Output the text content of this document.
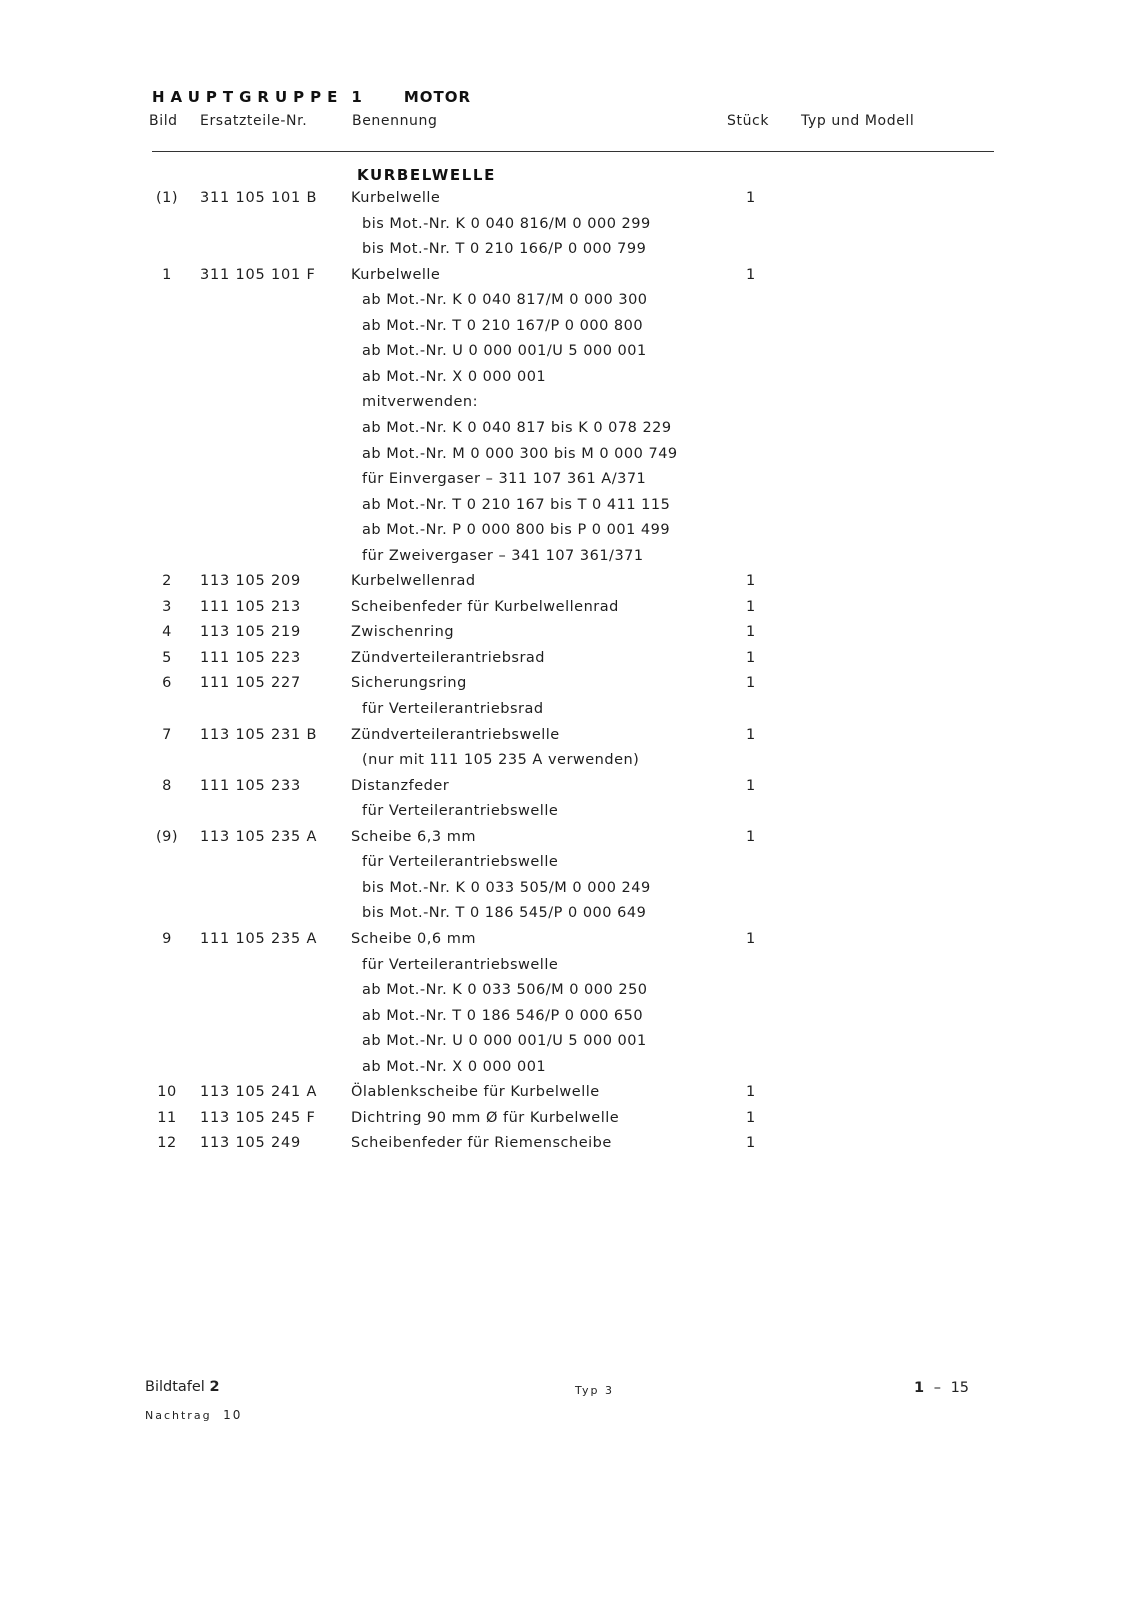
HAUPTGRUPPE 1 MOTOR
Bild Ersatzteile-Nr.	Benennung	Stück Typ und Modell
KURBELWELLE
(1)	311 105 101 B Kurbelwelle	1
bis Mot.-Nr. K 0 040 816/M 0 000 299
bis Mot.-Nr. T 0 210 166/P 0 000 799
1	311 105 101 F Kurbelwelle	1
ab Mot.-Nr. K 0 040 817/M 0 000 300
ab Mot.-Nr. T 0 210 167/P 0 000 800
ab Mot.-Nr. U 0 000 001/U 5 000 001
ab Mot.-Nr. X 0 000 001
mitverwenden:
ab Mot.-Nr. K 0 040 817 bis K 0 078 229
ab Mot.-Nr. M 0 000 300 bis M 0 000 749
für Einvergaser – 311 107 361 A/371
ab Mot.-Nr. T 0 210 167 bis T 0 411 115
ab Mot.-Nr. P 0 000 800 bis P 0 001 499
für Zweivergaser – 341 107 361/371
2	113 105 209	Kurbelwellenrad	1
3	111 105 213	Scheibenfeder für Kurbelwellenrad	1
4	113 105 219	Zwischenring	1
5	111 105 223	Zündverteilerantriebsrad	1
6	111 105 227	Sicherungsring	1
für Verteilerantriebsrad
7	113 105 231 B Zündverteilerantriebswelle	1
(nur mit 111 105 235 A verwenden)
8	111 105 233	Distanzfeder	1
für Verteilerantriebswelle
(9)	113 105 235 A Scheibe 6,3 mm	1
für Verteilerantriebswelle
bis Mot.-Nr. K 0 033 505/M 0 000 249
bis Mot.-Nr. T 0 186 545/P 0 000 649
9	111 105 235 A Scheibe 0,6 mm	1
für Verteilerantriebswelle
ab Mot.-Nr. K 0 033 506/M 0 000 250
ab Mot.-Nr. T 0 186 546/P 0 000 650
ab Mot.-Nr. U 0 000 001/U 5 000 001
ab Mot.-Nr. X 0 000 001
10	113 105 241 A Ölablenkscheibe für Kurbelwelle	1
11	113 105 245 F Dichtring 90 mm Ø für Kurbelwelle	1
12	113 105 249	Scheibenfeder für Riemenscheibe	1
Bildtafel 2
Nachtrag 10
Typ 3	1 – 15
